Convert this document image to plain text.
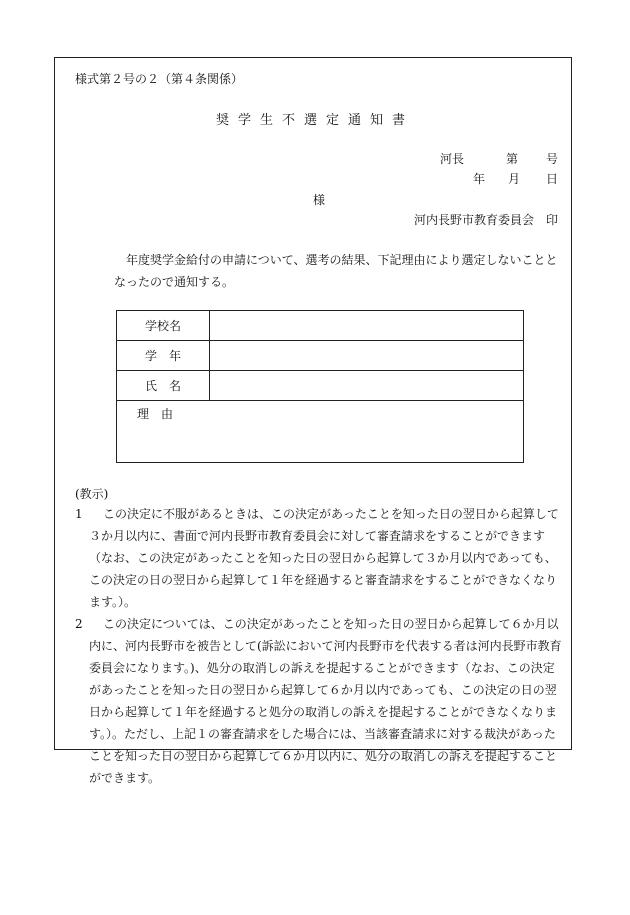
様式第２号の２（第４条関係）
奨学生不選定通知書
河長	第 号
年 月 日
様
河内長野市教育委員会　印
年度奨学金給付の申請について、選考の結果、下記理由により選定しないこととなったので通知する。
学校名	
学　年	
氏　名	
理　由	
(教示)
1	この決定に不服があるときは、この決定があったことを知った日の翌日から起算して３か月以内に、書面で河内長野市教育委員会に対して審査請求をすることができます（なお、この決定があったことを知った日の翌日から起算して３か月以内であっても、この決定の日の翌日から起算して１年を経過すると審査請求をすることができなくなります。）。
2	この決定については、この決定があったことを知った日の翌日から起算して６か月以内に、河内長野市を被告として(訴訟において河内長野市を代表する者は河内長野市教育委員会になります。)、処分の取消しの訴えを提起することができます（なお、この決定があったことを知った日の翌日から起算して６か月以内であっても、この決定の日の翌日から起算して１年を経過すると処分の取消しの訴えを提起することができなくなります。）。ただし、上記１の審査請求をした場合には、当該審査請求に対する裁決があったことを知った日の翌日から起算して６か月以内に、処分の取消しの訴えを提起することができます。
